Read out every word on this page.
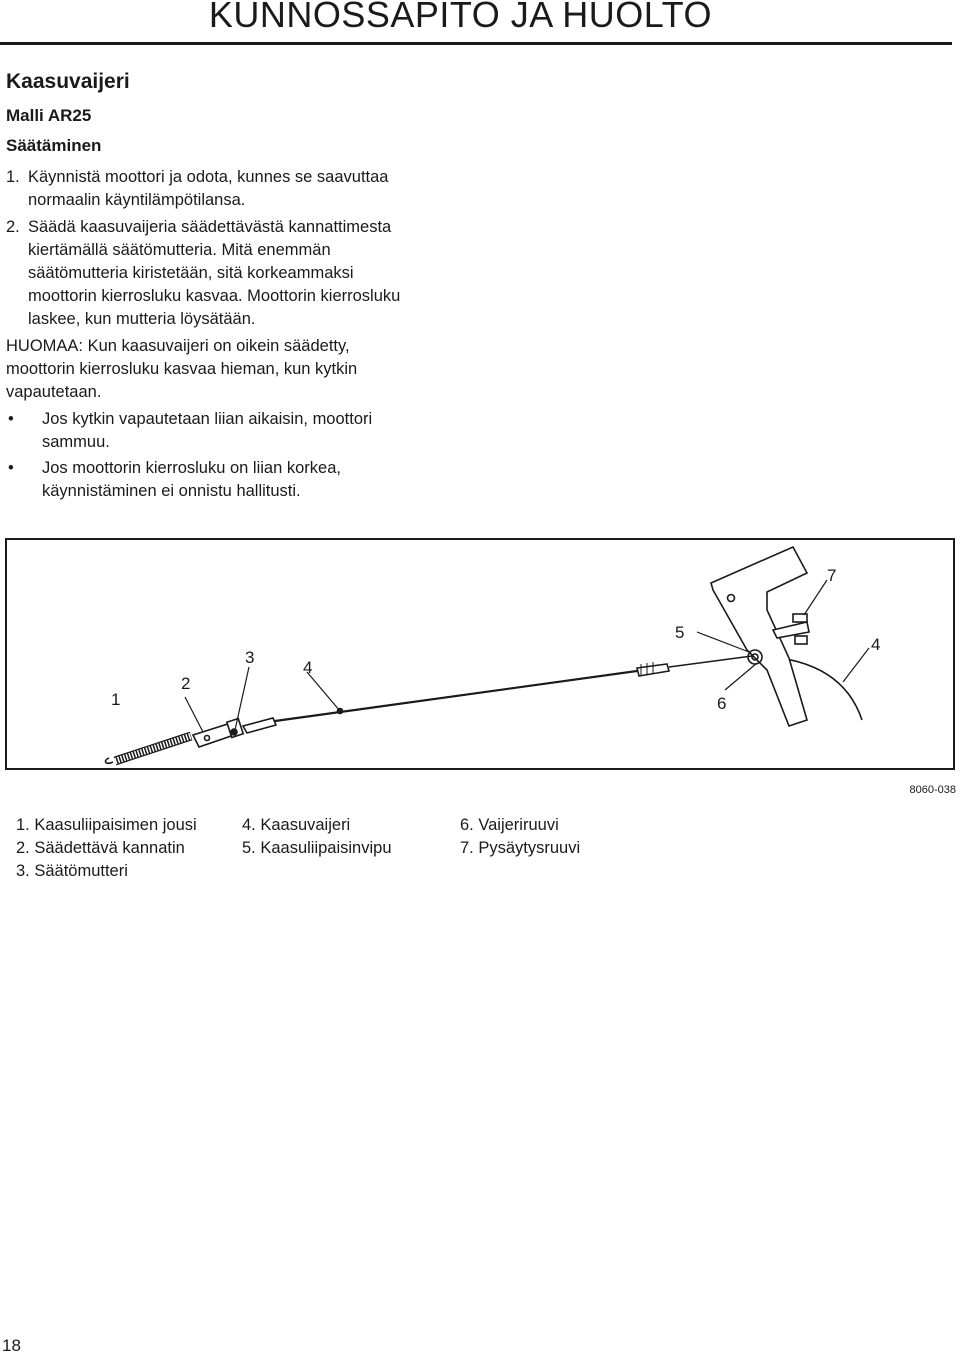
KUNNOSSAPITO JA HUOLTO
Kaasuvaijeri
Malli AR25
Säätäminen
1. Käynnistä moottori ja odota, kunnes se saavuttaa
normaalin käyntilämpötilansa.
2. Säädä kaasuvaijeria säädettävästä kannattimesta
kiertämällä säätömutteria. Mitä enemmän
säätömutteria kiristetään, sitä korkeammaksi
moottorin kierrosluku kasvaa. Moottorin kierrosluku
laskee, kun mutteria löysätään.
HUOMAA: Kun kaasuvaijeri on oikein säädetty,
moottorin kierrosluku kasvaa hieman, kun kytkin
vapautetaan.
•	Jos kytkin vapautetaan liian aikaisin, moottori
sammuu.
•	Jos moottorin kierrosluku on liian korkea,
käynnistäminen ei onnistu hallitusti.
1
2
3
4
4
5
6
7
8060-038
1. Kaasuliipaisimen jousi	4. Kaasuvaijeri	6. Vaijeriruuvi
2. Säädettävä kannatin	5. Kaasuliipaisinvipu	7. Pysäytysruuvi
3. Säätömutteri
18
